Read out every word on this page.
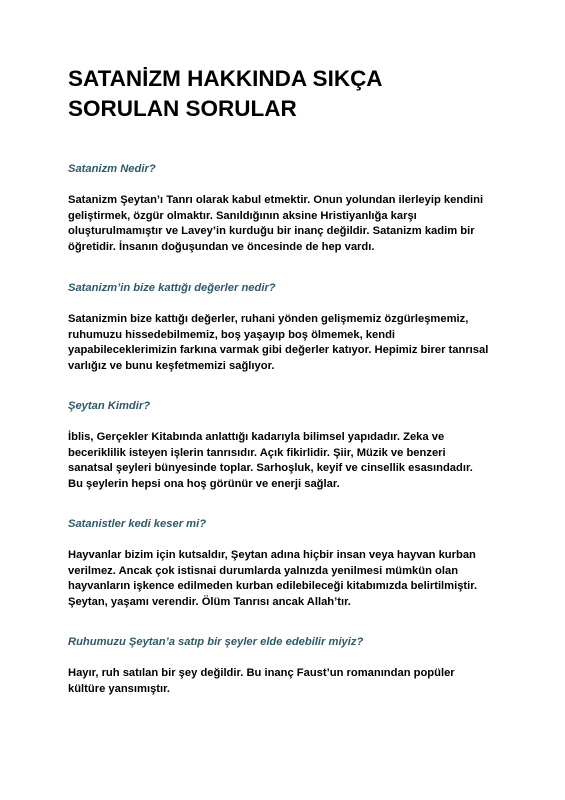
SATANİZM HAKKINDA SIKÇA
SORULAN SORULAR
Satanizm Nedir?

Satanizm Şeytan’ı Tanrı olarak kabul etmektir. Onun yolundan ilerleyip kendini
geliştirmek, özgür olmaktır. Sanıldığının aksine Hristiyanlığa karşı
oluşturulmamıştır ve Lavey’in kurduğu bir inanç değildir. Satanizm kadim bir
öğretidir. İnsanın doğuşundan ve öncesinde de hep vardı.

Satanizm’in bize kattığı değerler nedir?

Satanizmin bize kattığı değerler, ruhani yönden gelişmemiz özgürleşmemiz,
ruhumuzu hissedebilmemiz, boş yaşayıp boş ölmemek, kendi
yapabileceklerimizin farkına varmak gibi değerler katıyor. Hepimiz birer tanrısal
varlığız ve bunu keşfetmemizi sağlıyor.

Şeytan Kimdir?

İblis, Gerçekler Kitabında anlattığı kadarıyla bilimsel yapıdadır. Zeka ve
beceriklilik isteyen işlerin tanrısıdır. Açık fikirlidir. Şiir, Müzik ve benzeri
sanatsal şeyleri bünyesinde toplar. Sarhoşluk, keyif ve cinsellik esasındadır.
Bu şeylerin hepsi ona hoş görünür ve enerji sağlar.

Satanistler kedi keser mi?

Hayvanlar bizim için kutsaldır, Şeytan adına hiçbir insan veya hayvan kurban
verilmez. Ancak çok istisnai durumlarda yalnızda yenilmesi mümkün olan
hayvanların işkence edilmeden kurban edilebileceği kitabımızda belirtilmiştir.
Şeytan, yaşamı verendir. Ölüm Tanrısı ancak Allah’tır.

Ruhumuzu Şeytan’a satıp bir şeyler elde edebilir miyiz?

Hayır, ruh satılan bir şey değildir. Bu inanç Faust’un romanından popüler
kültüre yansımıştır.
